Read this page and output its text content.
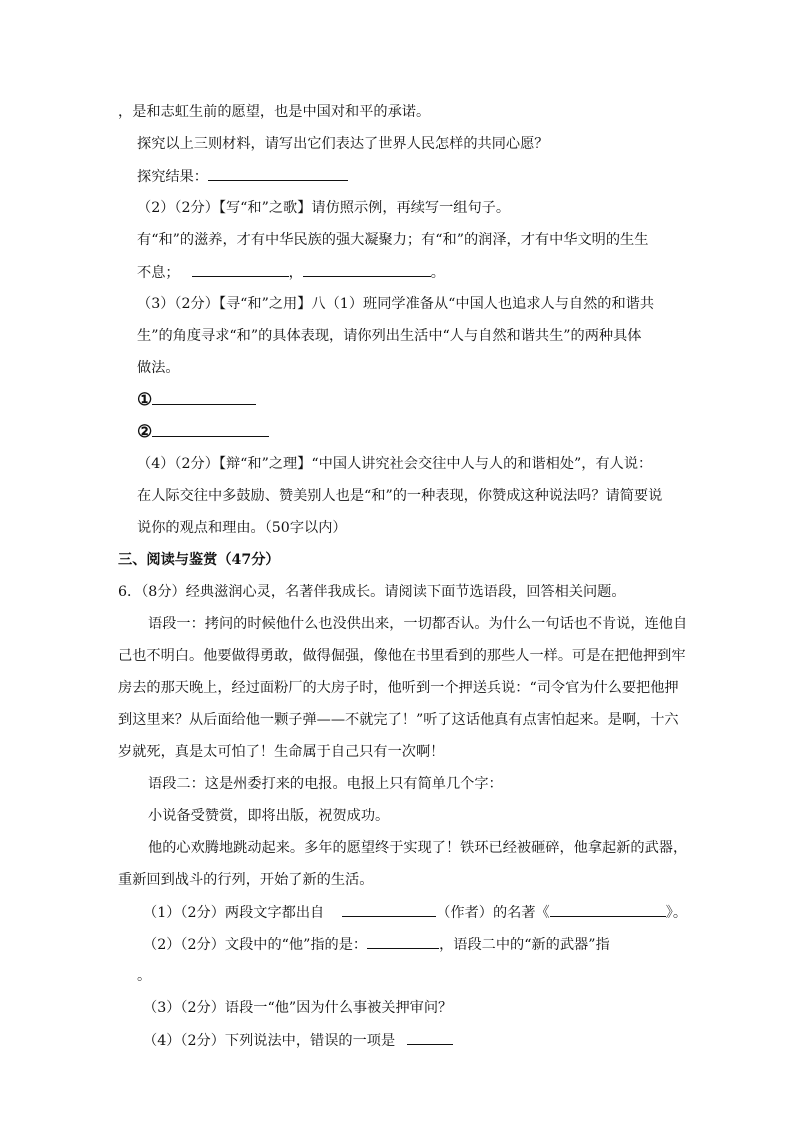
，是和志虹生前的愿望，也是中国对和平的承诺。
探究以上三则材料，请写出它们表达了世界人民怎样的共同心愿？
探究结果：
（2）（2分）【写“和”之歌】请仿照示例，再续写一组句子。
有“和”的滋养，才有中华民族的强大凝聚力；有“和”的润泽，才有中华文明的生生
不息；	，	。
（3）（2分）【寻“和”之用】八（1）班同学准备从“中国人也追求人与自然的和谐共
生”的角度寻求“和”的具体表现，请你列出生活中“人与自然和谐共生”的两种具体
做法。
①
②
（4）（2分）【辩“和”之理】“中国人讲究社会交往中人与人的和谐相处”，有人说：
在人际交往中多鼓励、赞美别人也是“和”的一种表现，你赞成这种说法吗？请简要说
说你的观点和理由。（50字以内）
三、阅读与鉴赏（47分）
6．（8分）经典滋润心灵，名著伴我成长。请阅读下面节选语段，回答相关问题。
语段一：拷问的时候他什么也没供出来，一切都否认。为什么一句话也不肯说，连他自
己也不明白。他要做得勇敢，做得倔强，像他在书里看到的那些人一样。可是在把他押到牢
房去的那天晚上，经过面粉厂的大房子时，他听到一个押送兵说：“司令官为什么要把他押
到这里来？从后面给他一颗子弹——不就完了！”听了这话他真有点害怕起来。是啊，十六
岁就死，真是太可怕了！生命属于自己只有一次啊！
语段二：这是州委打来的电报。电报上只有简单几个字：
小说备受赞赏，即将出版，祝贺成功。
他的心欢腾地跳动起来。多年的愿望终于实现了！铁环已经被砸碎，他拿起新的武器，
重新回到战斗的行列，开始了新的生活。
（1）（2分）两段文字都出自	（作者）的名著《	》。
（2）（2分）文段中的“他”指的是：	，语段二中的“新的武器”指
。
（3）（2分）语段一“他”因为什么事被关押审问？
（4）（2分）下列说法中，错误的一项是
